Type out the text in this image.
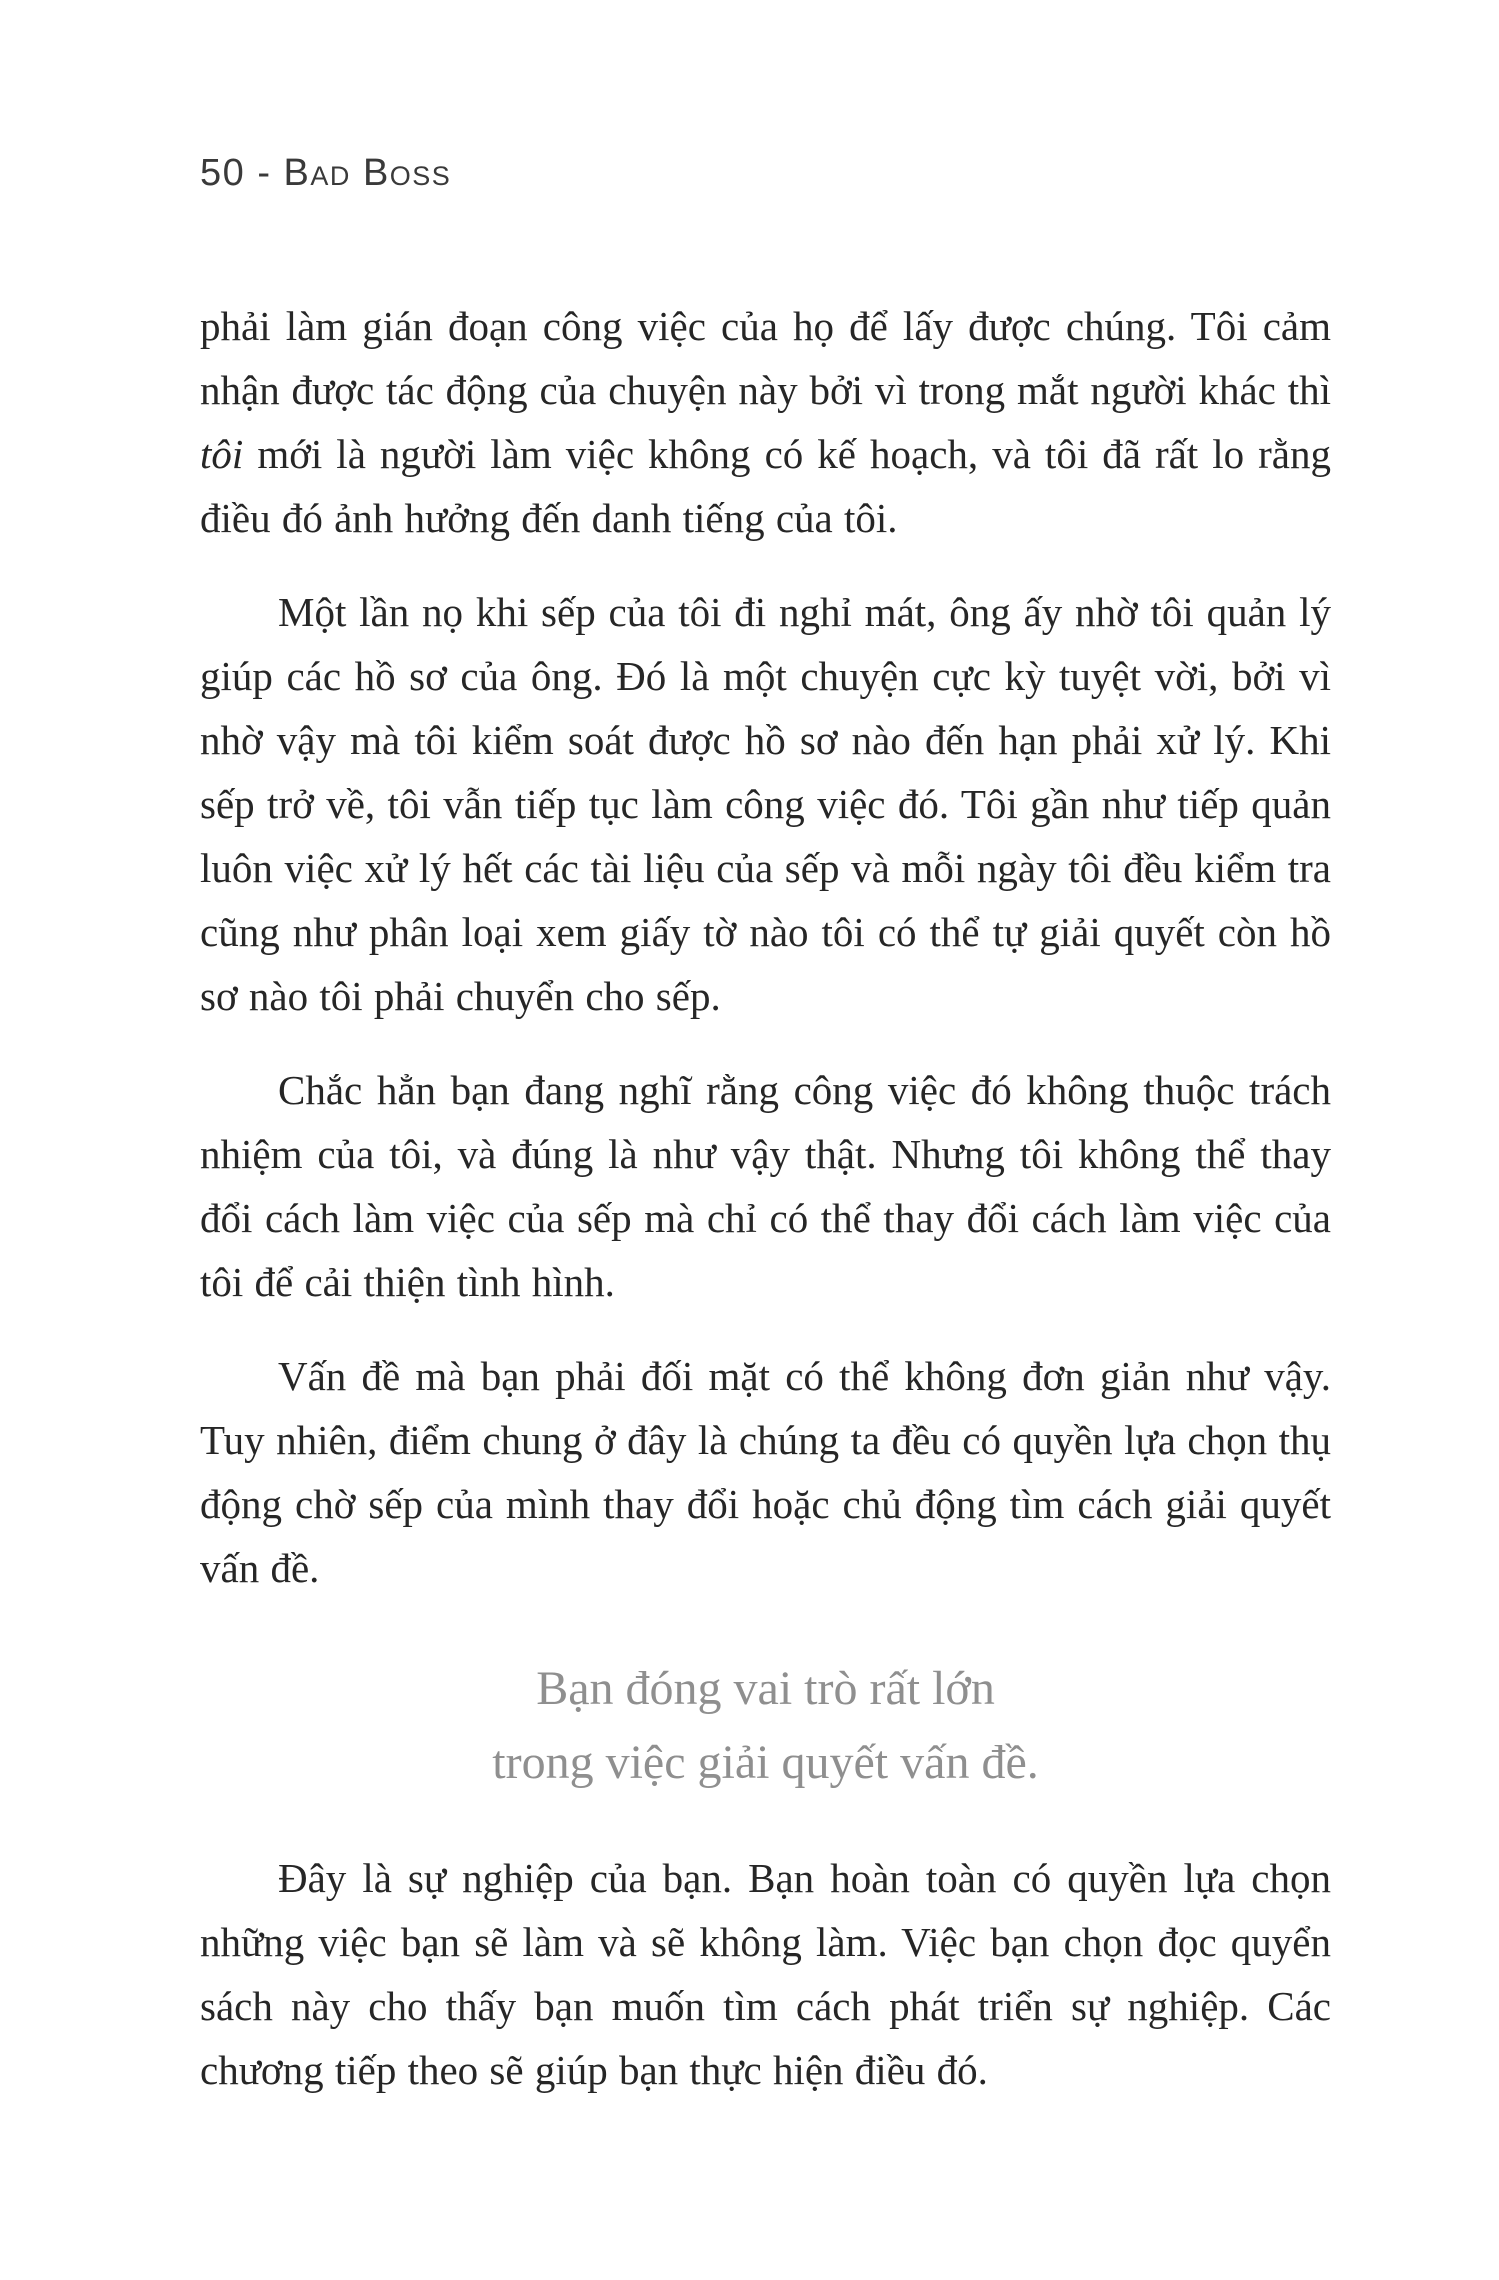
50 - Bad Boss

phải làm gián đoạn công việc của họ để lấy được chúng. Tôi cảm nhận được tác động của chuyện này bởi vì trong mắt người khác thì tôi mới là người làm việc không có kế hoạch, và tôi đã rất lo rằng điều đó ảnh hưởng đến danh tiếng của tôi.

Một lần nọ khi sếp của tôi đi nghỉ mát, ông ấy nhờ tôi quản lý giúp các hồ sơ của ông. Đó là một chuyện cực kỳ tuyệt vời, bởi vì nhờ vậy mà tôi kiểm soát được hồ sơ nào đến hạn phải xử lý. Khi sếp trở về, tôi vẫn tiếp tục làm công việc đó. Tôi gần như tiếp quản luôn việc xử lý hết các tài liệu của sếp và mỗi ngày tôi đều kiểm tra cũng như phân loại xem giấy tờ nào tôi có thể tự giải quyết còn hồ sơ nào tôi phải chuyển cho sếp.

Chắc hẳn bạn đang nghĩ rằng công việc đó không thuộc trách nhiệm của tôi, và đúng là như vậy thật. Nhưng tôi không thể thay đổi cách làm việc của sếp mà chỉ có thể thay đổi cách làm việc của tôi để cải thiện tình hình.

Vấn đề mà bạn phải đối mặt có thể không đơn giản như vậy. Tuy nhiên, điểm chung ở đây là chúng ta đều có quyền lựa chọn thụ động chờ sếp của mình thay đổi hoặc chủ động tìm cách giải quyết vấn đề.

Bạn đóng vai trò rất lớn
trong việc giải quyết vấn đề.

Đây là sự nghiệp của bạn. Bạn hoàn toàn có quyền lựa chọn những việc bạn sẽ làm và sẽ không làm. Việc bạn chọn đọc quyển sách này cho thấy bạn muốn tìm cách phát triển sự nghiệp. Các chương tiếp theo sẽ giúp bạn thực hiện điều đó.
